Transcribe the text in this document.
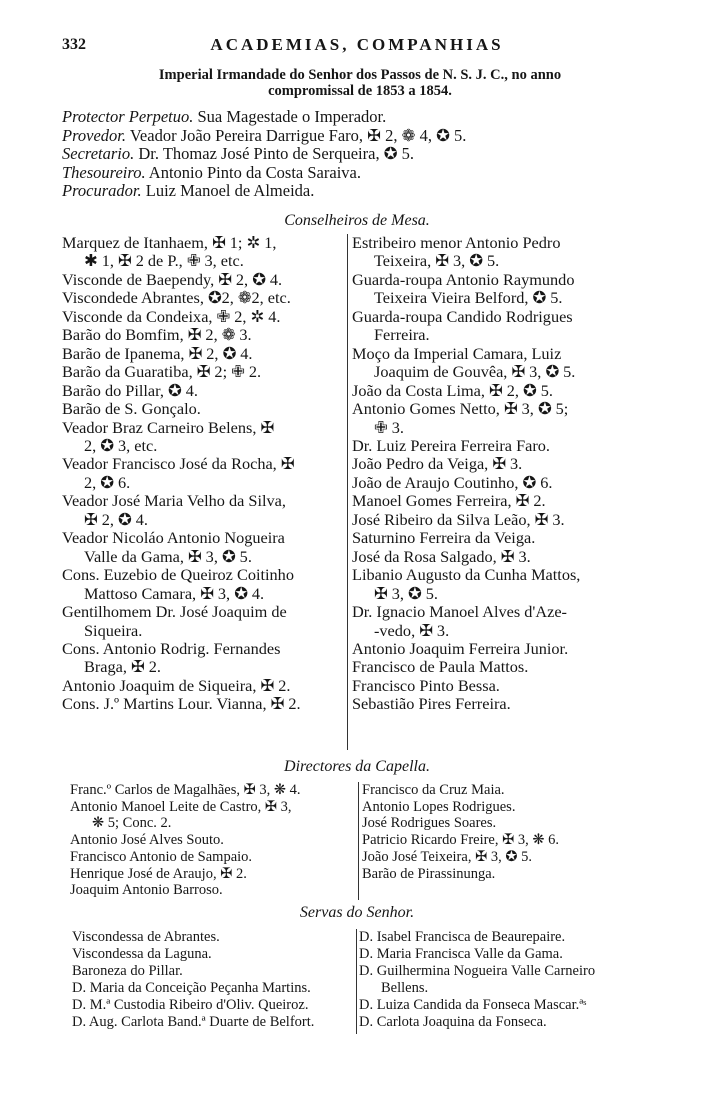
332	ACADEMIAS, COMPANHIAS
Imperial Irmandade do Senhor dos Passos de N. S. J. C., no anno
compromissal de 1853 a 1854.
Protector Perpetuo. Sua Magestade o Imperador.
Provedor. Veador João Pereira Darrigue Faro, ✠ 2, ❁ 4, ✪ 5.
Secretario. Dr. Thomaz José Pinto de Serqueira, ✪ 5.
Thesoureiro. Antonio Pinto da Costa Saraiva.
Procurador. Luiz Manoel de Almeida.
Conselheiros de Mesa.
Marquez de Itanhaem, ✠ 1; ✲ 1,
✱ 1, ✠ 2 de P., ✙ 3, etc.
Visconde de Baependy, ✠ 2, ✪ 4.
Viscondede Abrantes, ✪2, ❁2, etc.
Visconde da Condeixa, ✙ 2, ✲ 4.
Barão do Bomfim, ✠ 2, ❁ 3.
Barão de Ipanema, ✠ 2, ✪ 4.
Barão da Guaratiba, ✠ 2; ✙ 2.
Barão do Pillar, ✪ 4.
Barão de S. Gonçalo.
Veador Braz Carneiro Belens, ✠
2, ✪ 3, etc.
Veador Francisco José da Rocha, ✠
2, ✪ 6.
Veador José Maria Velho da Silva,
✠ 2, ✪ 4.
Veador Nicoláo Antonio Nogueira
Valle da Gama, ✠ 3, ✪ 5.
Cons. Euzebio de Queiroz Coitinho
Mattoso Camara, ✠ 3, ✪ 4.
Gentilhomem Dr. José Joaquim de
Siqueira.
Cons. Antonio Rodrig. Fernandes
Braga, ✠ 2.
Antonio Joaquim de Siqueira, ✠ 2.
Cons. J.º Martins Lour. Vianna, ✠ 2.
Estribeiro menor Antonio Pedro
Teixeira, ✠ 3, ✪ 5.
Guarda-roupa Antonio Raymundo
Teixeira Vieira Belford, ✪ 5.
Guarda-roupa Candido Rodrigues
Ferreira.
Moço da Imperial Camara, Luiz
Joaquim de Gouvêa, ✠ 3, ✪ 5.
João da Costa Lima, ✠ 2, ✪ 5.
Antonio Gomes Netto, ✠ 3, ✪ 5;
✙ 3.
Dr. Luiz Pereira Ferreira Faro.
João Pedro da Veiga, ✠ 3.
João de Araujo Coutinho, ✪ 6.
Manoel Gomes Ferreira, ✠ 2.
José Ribeiro da Silva Leão, ✠ 3.
Saturnino Ferreira da Veiga.
José da Rosa Salgado, ✠ 3.
Libanio Augusto da Cunha Mattos,
✠ 3, ✪ 5.
Dr. Ignacio Manoel Alves d'Aze-
-vedo, ✠ 3.
Antonio Joaquim Ferreira Junior.
Francisco de Paula Mattos.
Francisco Pinto Bessa.
Sebastião Pires Ferreira.
Directores da Capella.
Franc.º Carlos de Magalhães, ✠ 3, ❋ 4.
Antonio Manoel Leite de Castro, ✠ 3,
❋ 5; Conc. 2.
Antonio José Alves Souto.
Francisco Antonio de Sampaio.
Henrique José de Araujo, ✠ 2.
Joaquim Antonio Barroso.
Francisco da Cruz Maia.
Antonio Lopes Rodrigues.
José Rodrigues Soares.
Patricio Ricardo Freire, ✠ 3, ❋ 6.
João José Teixeira, ✠ 3, ✪ 5.
Barão de Pirassinunga.
Servas do Senhor.
Viscondessa de Abrantes.
Viscondessa da Laguna.
Baroneza do Pillar.
D. Maria da Conceição Peçanha Martins.
D. M.ª Custodia Ribeiro d'Oliv. Queiroz.
D. Aug. Carlota Band.ª Duarte de Belfort.
D. Isabel Francisca de Beaurepaire.
D. Maria Francisca Valle da Gama.
D. Guilhermina Nogueira Valle Carneiro
Bellens.
D. Luiza Candida da Fonseca Mascar.ªˢ
D. Carlota Joaquina da Fonseca.
